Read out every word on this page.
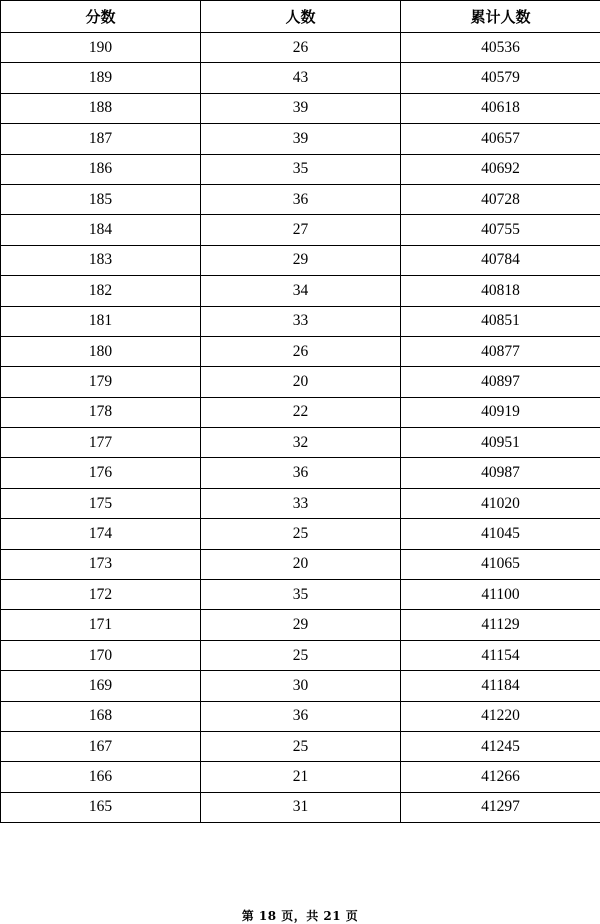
分数	人数	累计人数
190	26	40536
189	43	40579
188	39	40618
187	39	40657
186	35	40692
185	36	40728
184	27	40755
183	29	40784
182	34	40818
181	33	40851
180	26	40877
179	20	40897
178	22	40919
177	32	40951
176	36	40987
175	33	41020
174	25	41045
173	20	41065
172	35	41100
171	29	41129
170	25	41154
169	30	41184
168	36	41220
167	25	41245
166	21	41266
165	31	41297
第 18 页，共 21 页
